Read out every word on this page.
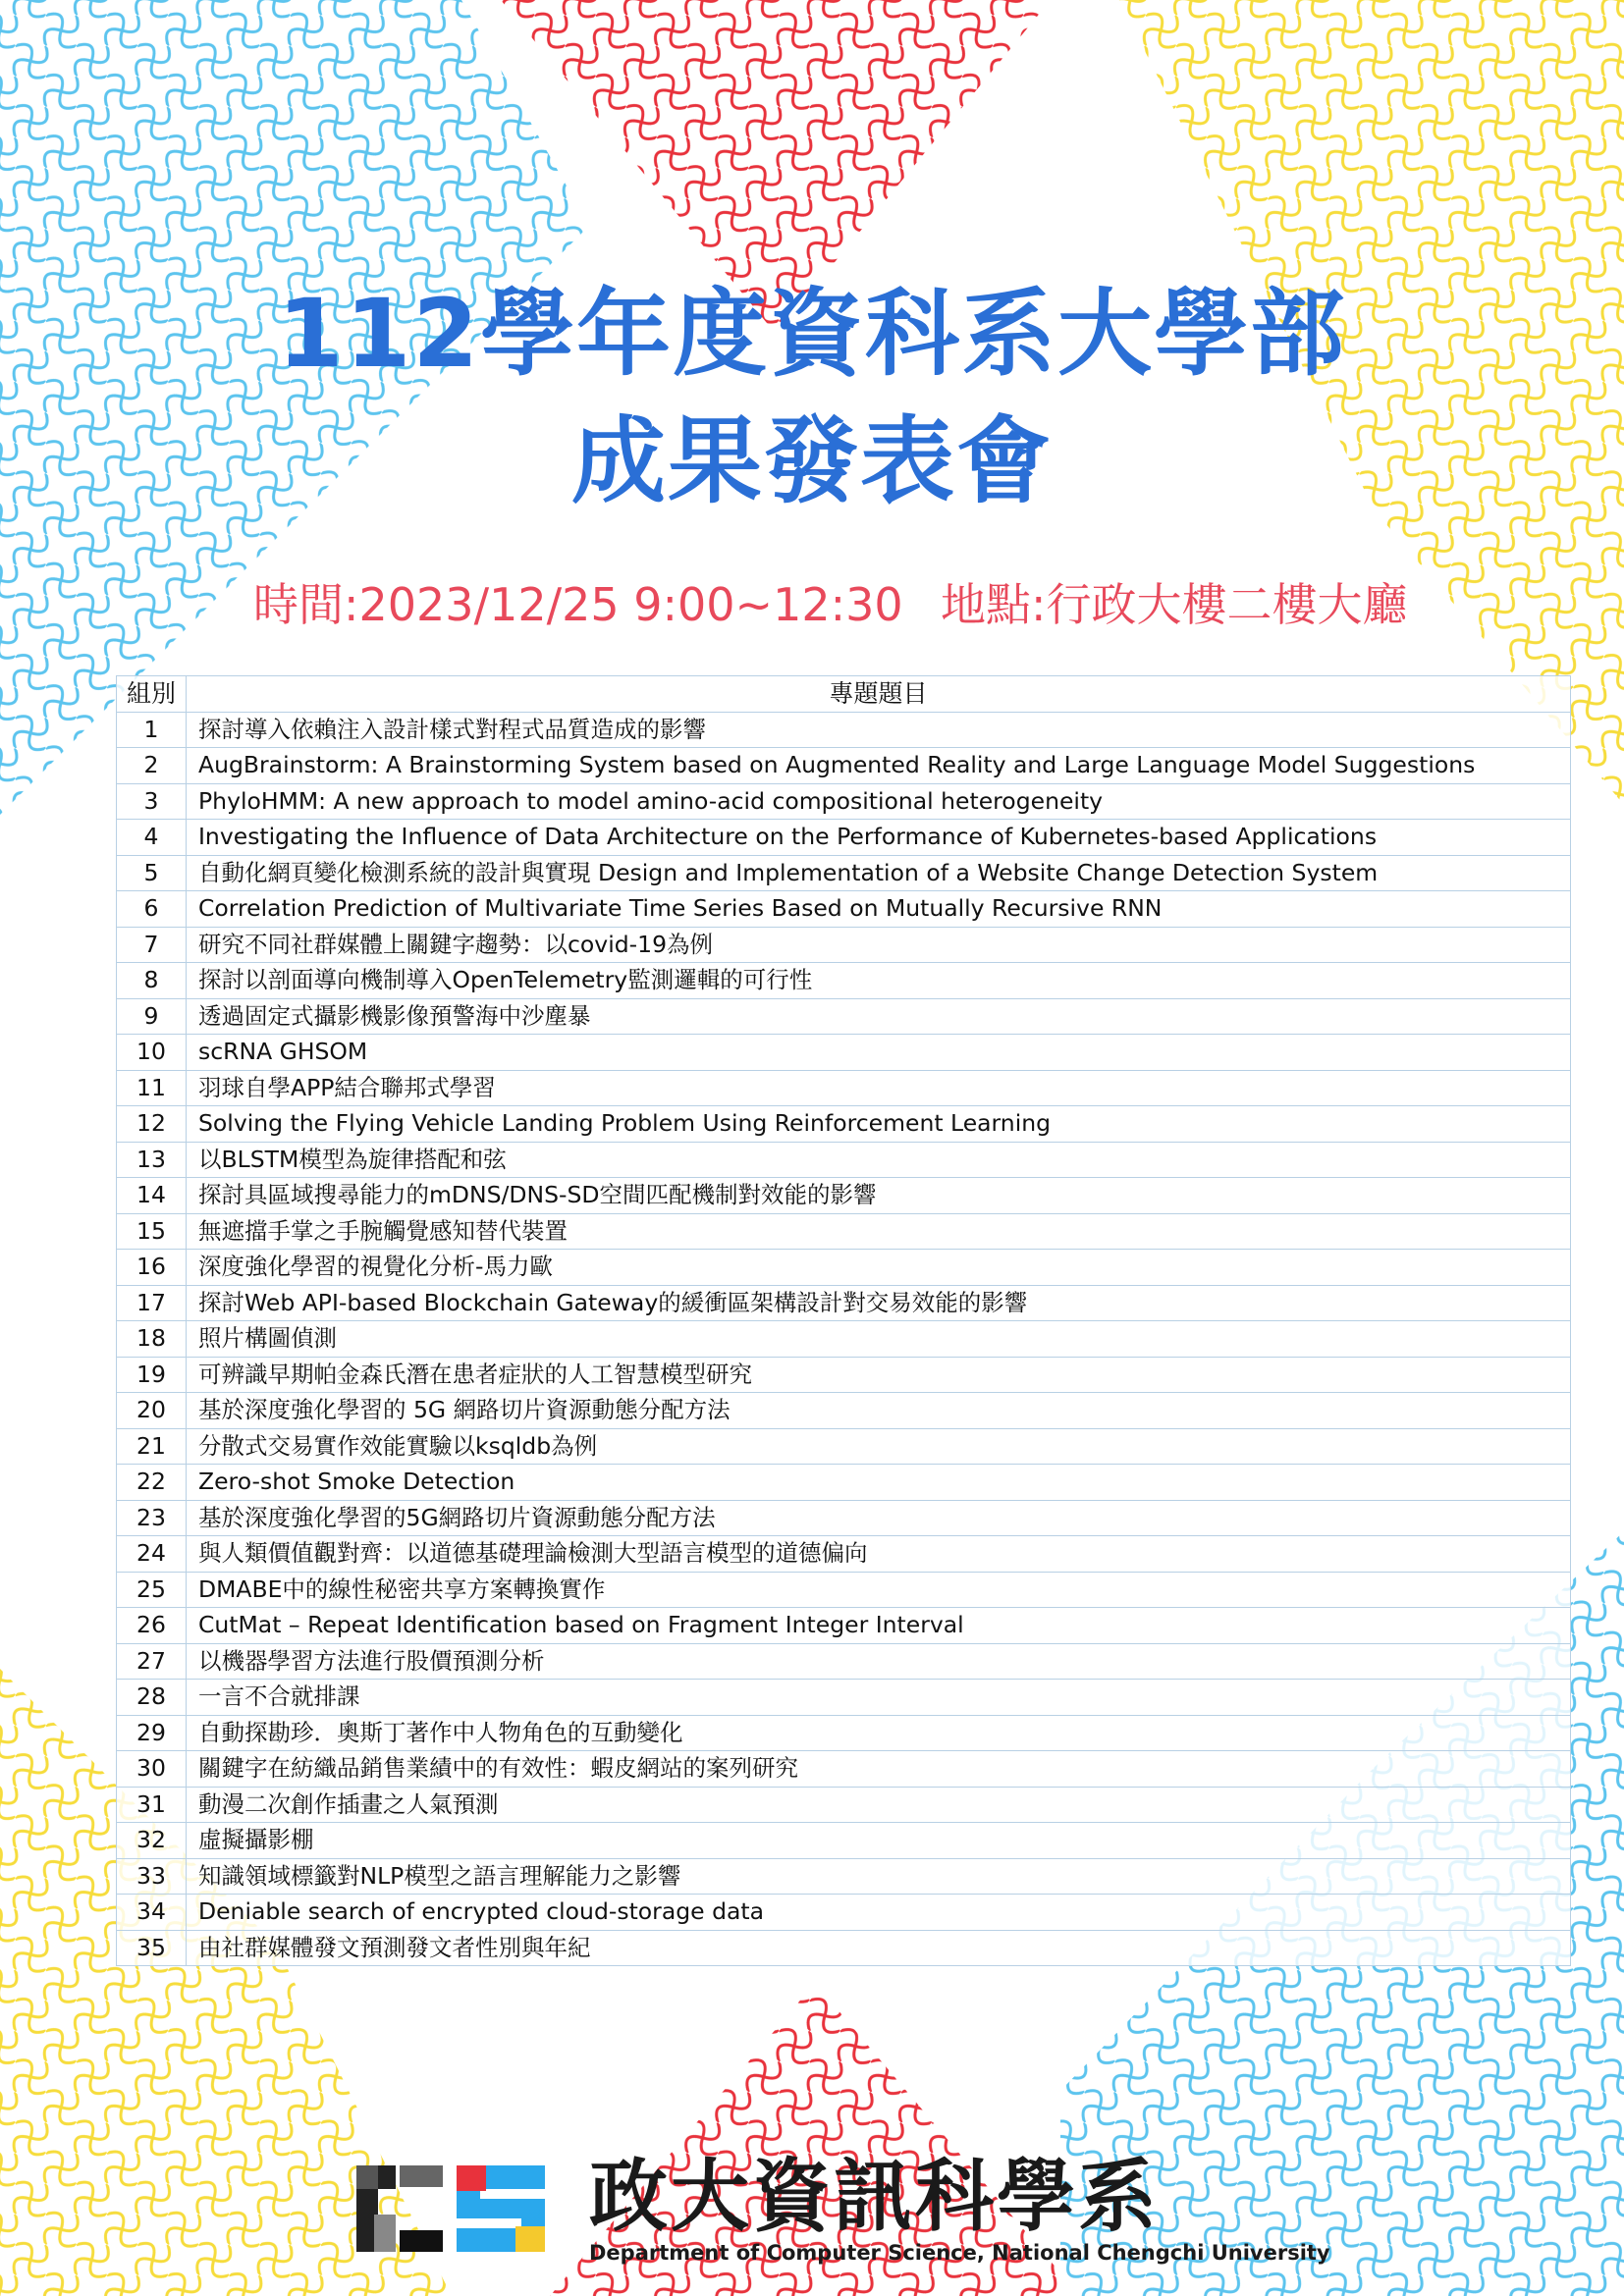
112學年度資科系大學部
成果發表會
時間:2023/12/25 9:00~12:30 地點:行政大樓二樓大廳
組別	專題題目
1	探討導入依賴注入設計樣式對程式品質造成的影響
2	AugBrainstorm: A Brainstorming System based on Augmented Reality and Large Language Model Suggestions
3	PhyloHMM: A new approach to model amino-acid compositional heterogeneity
4	Investigating the Influence of Data Architecture on the Performance of Kubernetes-based Applications
5	自動化網頁變化檢測系統的設計與實現 Design and Implementation of a Website Change Detection System
6	Correlation Prediction of Multivariate Time Series Based on Mutually Recursive RNN
7	研究不同社群媒體上關鍵字趨勢：以covid-19為例
8	探討以剖面導向機制導入OpenTelemetry監測邏輯的可行性
9	透過固定式攝影機影像預警海中沙塵暴
10	scRNA GHSOM
11	羽球自學APP結合聯邦式學習
12	Solving the Flying Vehicle Landing Problem Using Reinforcement Learning
13	以BLSTM模型為旋律搭配和弦
14	探討具區域搜尋能力的mDNS/DNS-SD空間匹配機制對效能的影響
15	無遮擋手掌之手腕觸覺感知替代裝置
16	深度強化學習的視覺化分析-馬力歐
17	探討Web API-based Blockchain Gateway的緩衝區架構設計對交易效能的影響
18	照片構圖偵測
19	可辨識早期帕金森氏潛在患者症狀的人工智慧模型研究
20	基於深度強化學習的 5G 網路切片資源動態分配方法
21	分散式交易實作效能實驗以ksqldb為例
22	Zero-shot Smoke Detection
23	基於深度強化學習的5G網路切片資源動態分配方法
24	與人類價值觀對齊：以道德基礎理論檢測大型語言模型的道德偏向
25	DMABE中的線性秘密共享方案轉換實作
26	CutMat – Repeat Identification based on Fragment Integer Interval
27	以機器學習方法進行股價預測分析
28	一言不合就排課
29	自動探勘珍．奧斯丁著作中人物角色的互動變化
30	關鍵字在紡織品銷售業績中的有效性：蝦皮網站的案列研究
31	動漫二次創作插畫之人氣預測
32	虛擬攝影棚
33	知識領域標籤對NLP模型之語言理解能力之影響
34	Deniable search of encrypted cloud-storage data
35	由社群媒體發文預測發文者性別與年紀
政大資訊科學系
Department of Computer Science, National Chengchi University
